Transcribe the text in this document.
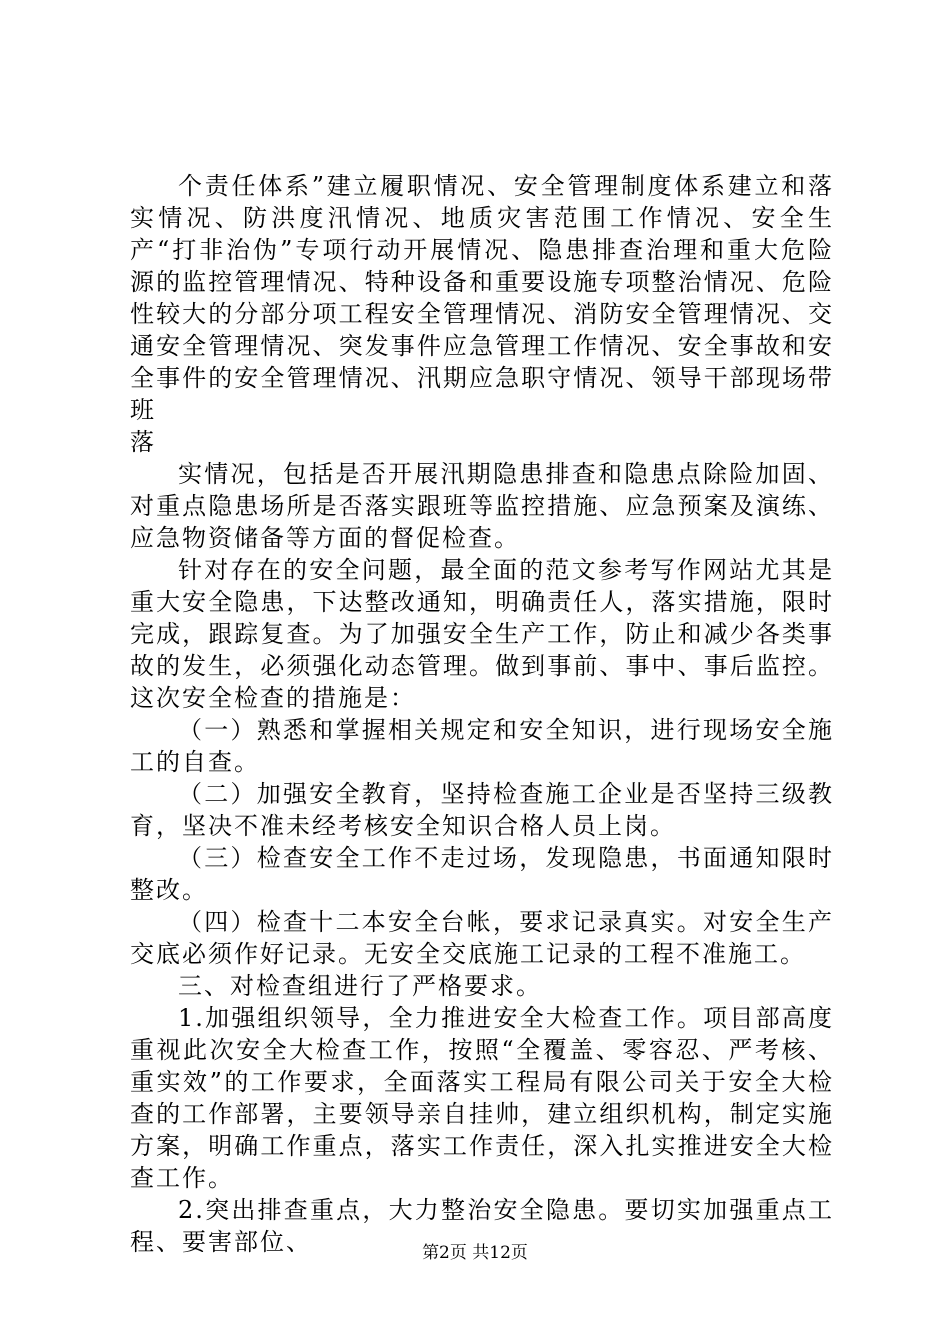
个责任体系”建立履职情况、安全管理制度体系建立和落实情况、防洪度汛情况、地质灾害范围工作情况、安全生产“打非治伪”专项行动开展情况、隐患排查治理和重大危险源的监控管理情况、特种设备和重要设施专项整治情况、危险性较大的分部分项工程安全管理情况、消防安全管理情况、交通安全管理情况、突发事件应急管理工作情况、安全事故和安全事件的安全管理情况、汛期应急职守情况、领导干部现场带班

落

实情况，包括是否开展汛期隐患排查和隐患点除险加固、对重点隐患场所是否落实跟班等监控措施、应急预案及演练、应急物资储备等方面的督促检查。

针对存在的安全问题，最全面的范文参考写作网站尤其是重大安全隐患，下达整改通知，明确责任人，落实措施，限时完成，跟踪复查。为了加强安全生产工作，防止和减少各类事故的发生，必须强化动态管理。做到事前、事中、事后监控。这次安全检查的措施是：

（一）熟悉和掌握相关规定和安全知识，进行现场安全施工的自查。

（二）加强安全教育，坚持检查施工企业是否坚持三级教育，坚决不准未经考核安全知识合格人员上岗。

（三）检查安全工作不走过场，发现隐患，书面通知限时整改。

（四）检查十二本安全台帐，要求记录真实。对安全生产交底必须作好记录。无安全交底施工记录的工程不准施工。

三、对检查组进行了严格要求。

1.加强组织领导，全力推进安全大检查工作。项目部高度重视此次安全大检查工作，按照“全覆盖、零容忍、严考核、重实效”的工作要求，全面落实工程局有限公司关于安全大检查的工作部署，主要领导亲自挂帅，建立组织机构，制定实施方案，明确工作重点，落实工作责任，深入扎实推进安全大检查工作。

2.突出排查重点，大力整治安全隐患。要切实加强重点工程、要害部位、	第2页 共12页
